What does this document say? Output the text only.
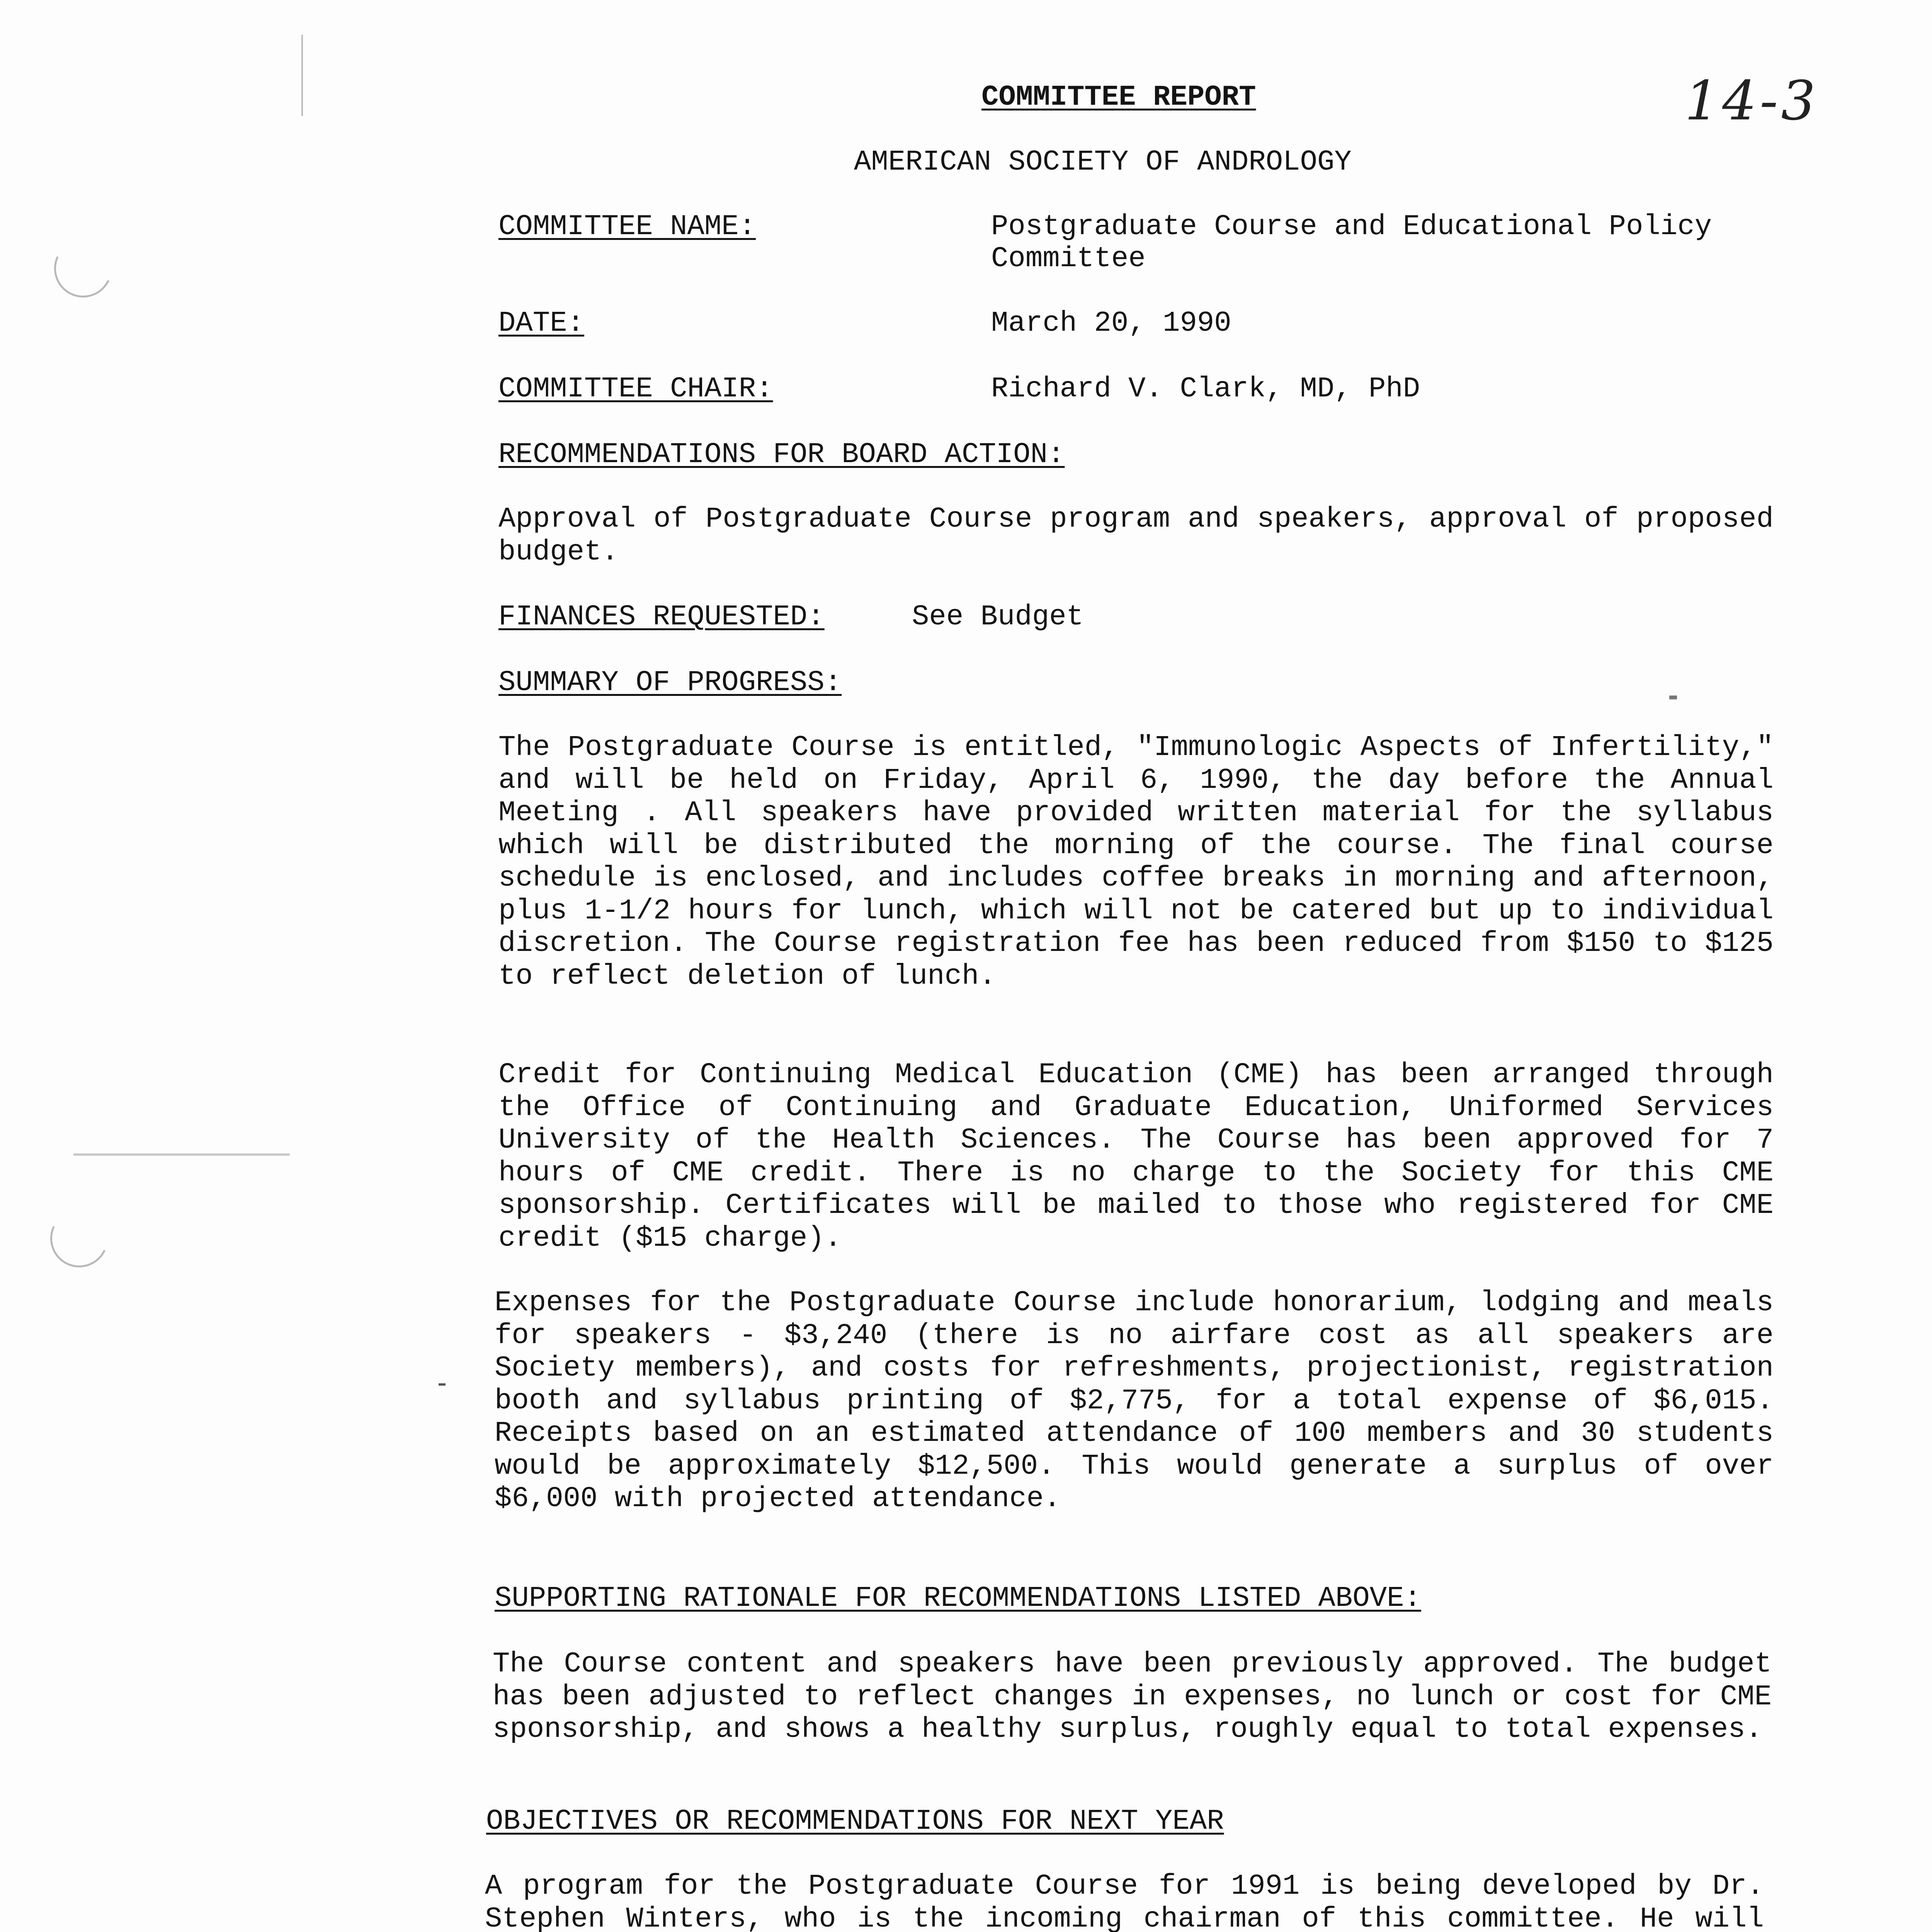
COMMITTEE REPORT	14-3
AMERICAN SOCIETY OF ANDROLOGY
COMMITTEE NAME:	Postgraduate Course and Educational Policy
Committee
DATE:	March 20, 1990
COMMITTEE CHAIR:	Richard V. Clark, MD, PhD
RECOMMENDATIONS FOR BOARD ACTION:
Approval of Postgraduate Course program and speakers, approval of proposed budget.
FINANCES REQUESTED:	See Budget
SUMMARY OF PROGRESS:
The Postgraduate Course is entitled, "Immunologic Aspects of Infertility," and will be held on Friday, April 6, 1990, the day before the Annual Meeting . All speakers have provided written material for the syllabus which will be distributed the morning of the course. The final course schedule is enclosed, and includes coffee breaks in morning and afternoon, plus 1-1/2 hours for lunch, which will not be catered but up to individual discretion. The Course registration fee has been reduced from $150 to $125 to reflect deletion of lunch.
Credit for Continuing Medical Education (CME) has been arranged through the Office of Continuing and Graduate Education, Uniformed Services University of the Health Sciences. The Course has been approved for 7 hours of CME credit. There is no charge to the Society for this CME sponsorship. Certificates will be mailed to those who registered for CME credit ($15 charge).
Expenses for the Postgraduate Course include honorarium, lodging and meals for speakers - $3,240 (there is no airfare cost as all speakers are Society members), and costs for refreshments, projectionist, registration booth and syllabus printing of $2,775, for a total expense of $6,015. Receipts based on an estimated attendance of 100 members and 30 students would be approximately $12,500. This would generate a surplus of over $6,000 with projected attendance.
SUPPORTING RATIONALE FOR RECOMMENDATIONS LISTED ABOVE:
The Course content and speakers have been previously approved. The budget has been adjusted to reflect changes in expenses, no lunch or cost for CME sponsorship, and shows a healthy surplus, roughly equal to total expenses.
OBJECTIVES OR RECOMMENDATIONS FOR NEXT YEAR
A program for the Postgraduate Course for 1991 is being developed by Dr. Stephen Winters, who is the incoming chairman of this committee. He will
